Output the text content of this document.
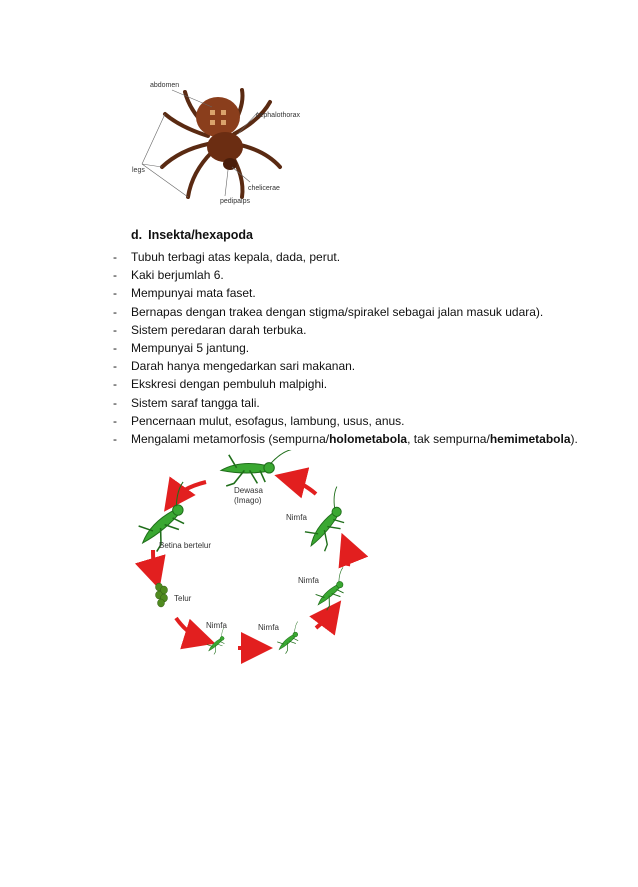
abdomen
cephalothorax
legs
chelicerae
pedipalps
d. Insekta/hexapoda
-	Tubuh terbagi atas kepala, dada, perut.
-	Kaki berjumlah 6.
-	Mempunyai mata faset.
-	Bernapas dengan trakea dengan stigma/spirakel sebagai jalan masuk udara).
-	Sistem peredaran darah terbuka.
-	Mempunyai 5 jantung.
-	Darah hanya mengedarkan sari makanan.
-	Ekskresi dengan pembuluh malpighi.
-	Sistem saraf tangga tali.
-	Pencernaan mulut, esofagus, lambung, usus, anus.
-	Mengalami metamorfosis (sempurna/holometabola, tak sempurna/hemimetabola).
Dewasa
(Imago)
Nimfa
Nimfa
Nimfa
Nimfa
Telur
Betina bertelur
